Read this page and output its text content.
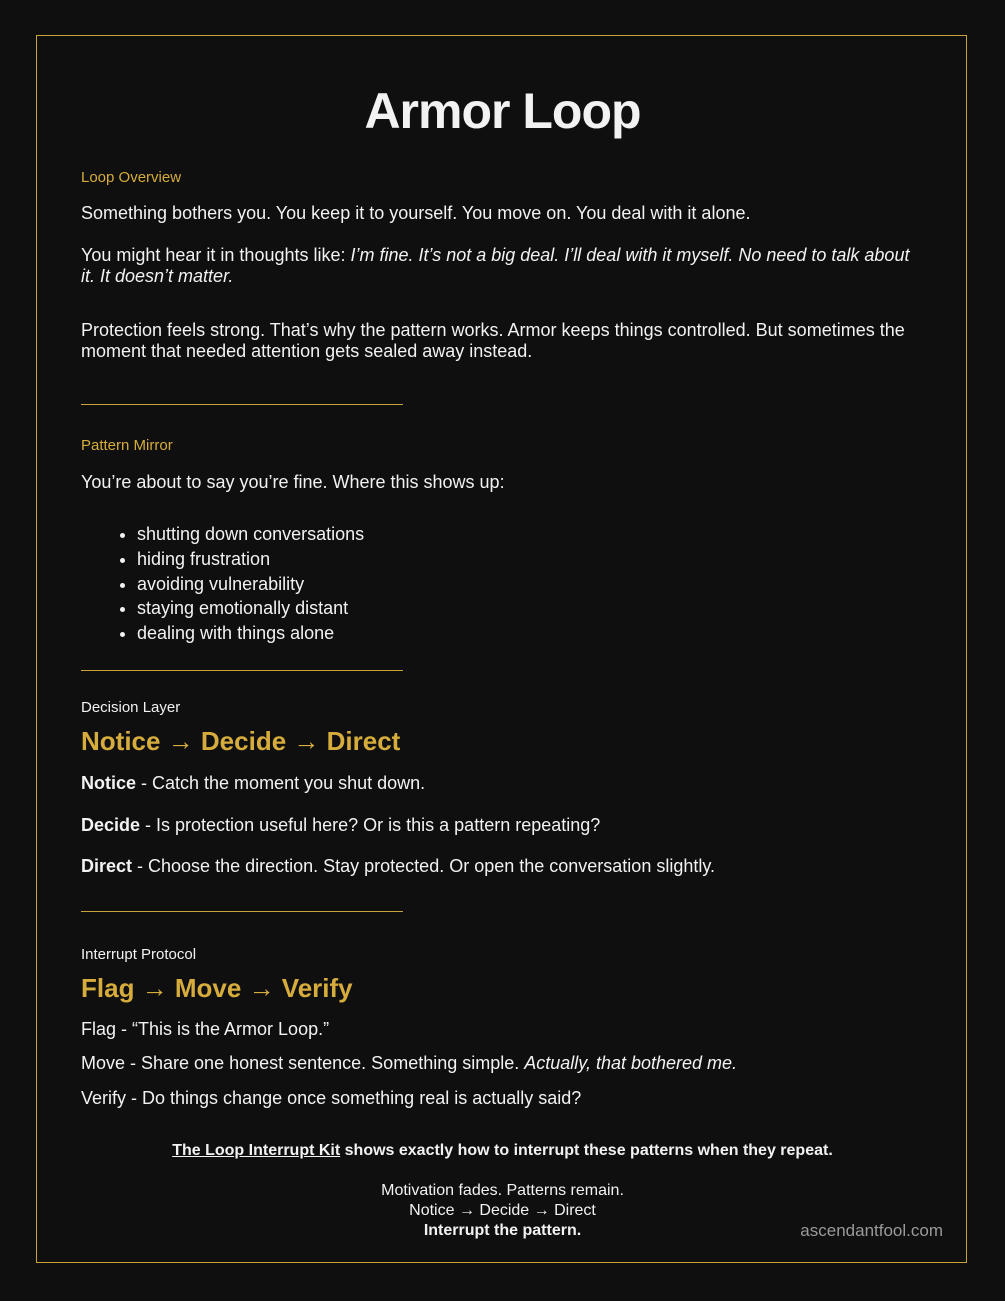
Armor Loop
Loop Overview
Something bothers you. You keep it to yourself. You move on. You deal with it alone.
You might hear it in thoughts like: I’m fine. It’s not a big deal. I’ll deal with it myself. No need to talk about it. It doesn’t matter.
Protection feels strong. That’s why the pattern works. Armor keeps things controlled. But sometimes the moment that needed attention gets sealed away instead.
Pattern Mirror
You’re about to say you’re fine. Where this shows up:
• shutting down conversations
• hiding frustration
• avoiding vulnerability
• staying emotionally distant
• dealing with things alone
Decision Layer
Notice → Decide → Direct
Notice - Catch the moment you shut down.
Decide - Is protection useful here? Or is this a pattern repeating?
Direct - Choose the direction. Stay protected. Or open the conversation slightly.
Interrupt Protocol
Flag → Move → Verify
Flag - “This is the Armor Loop.”
Move - Share one honest sentence. Something simple. Actually, that bothered me.
Verify - Do things change once something real is actually said?
The Loop Interrupt Kit shows exactly how to interrupt these patterns when they repeat.
Motivation fades. Patterns remain.
Notice → Decide → Direct
Interrupt the pattern.	ascendantfool.com
